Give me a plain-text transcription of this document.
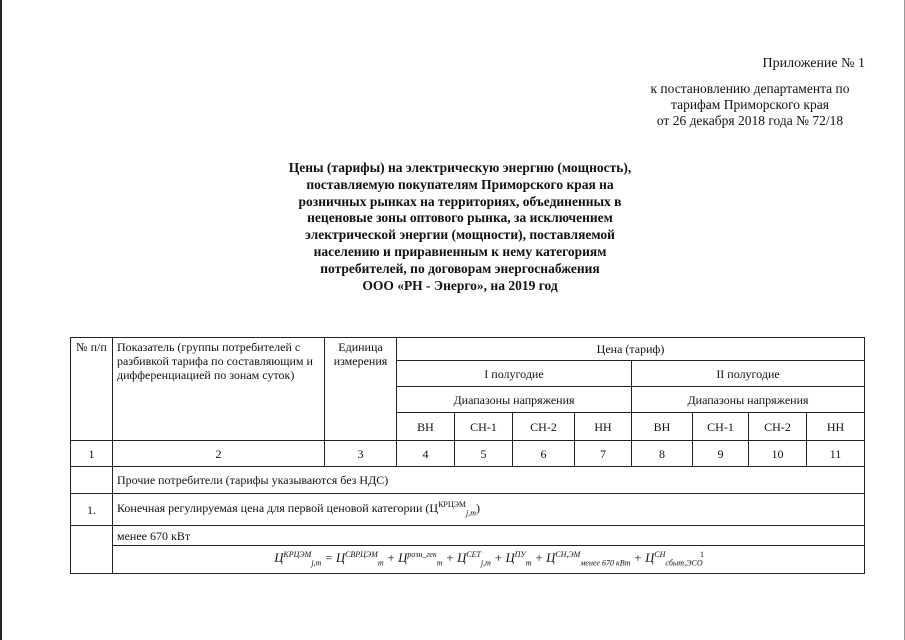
Приложение № 1
к постановлению департамента по
тарифам Приморского края
от 26 декабря 2018 года № 72/18
Цены (тарифы) на электрическую энергию (мощность),
поставляемую покупателям Приморского края на
розничных рынках на территориях, объединенных в
неценовые зоны оптового рынка, за исключением
электрической энергии (мощности), поставляемой
населению и приравненным к нему категориям
потребителей, по договорам энергоснабжения
ООО «РН - Энерго», на 2019 год
№ п/п	Показатель (группы потребителей с разбивкой тарифа по составляющим и дифференциацией по зонам суток)	Единица измерения	Цена (тариф)							
			I полугодие				II полугодие			
			Диапазоны напряжения				Диапазоны напряжения			
			ВН	СН-1	СН-2	НН	ВН	СН-1	СН-2	НН
1	2	3	4	5	6	7	8	9	10	11
	Прочие потребители (тарифы указываются без НДС)									
1.	Конечная регулируемая цена для первой ценовой категории $(Ц^{КРЦЭМ}_{j,m})$									
	менее 670 кВт									
	$Ц^{КРЦЭМ}_{j,m} = Ц^{СВРЦЭМ}_m + Ц^{розн\_гек}_m + Ц^{СЕТ}_{j,m} + Ц^{ПУ}_m + Ц^{СН,ЭМ}_{менее 670 кВт} + Ц^{СН}_{сбыт,ЭСО}$
1									
